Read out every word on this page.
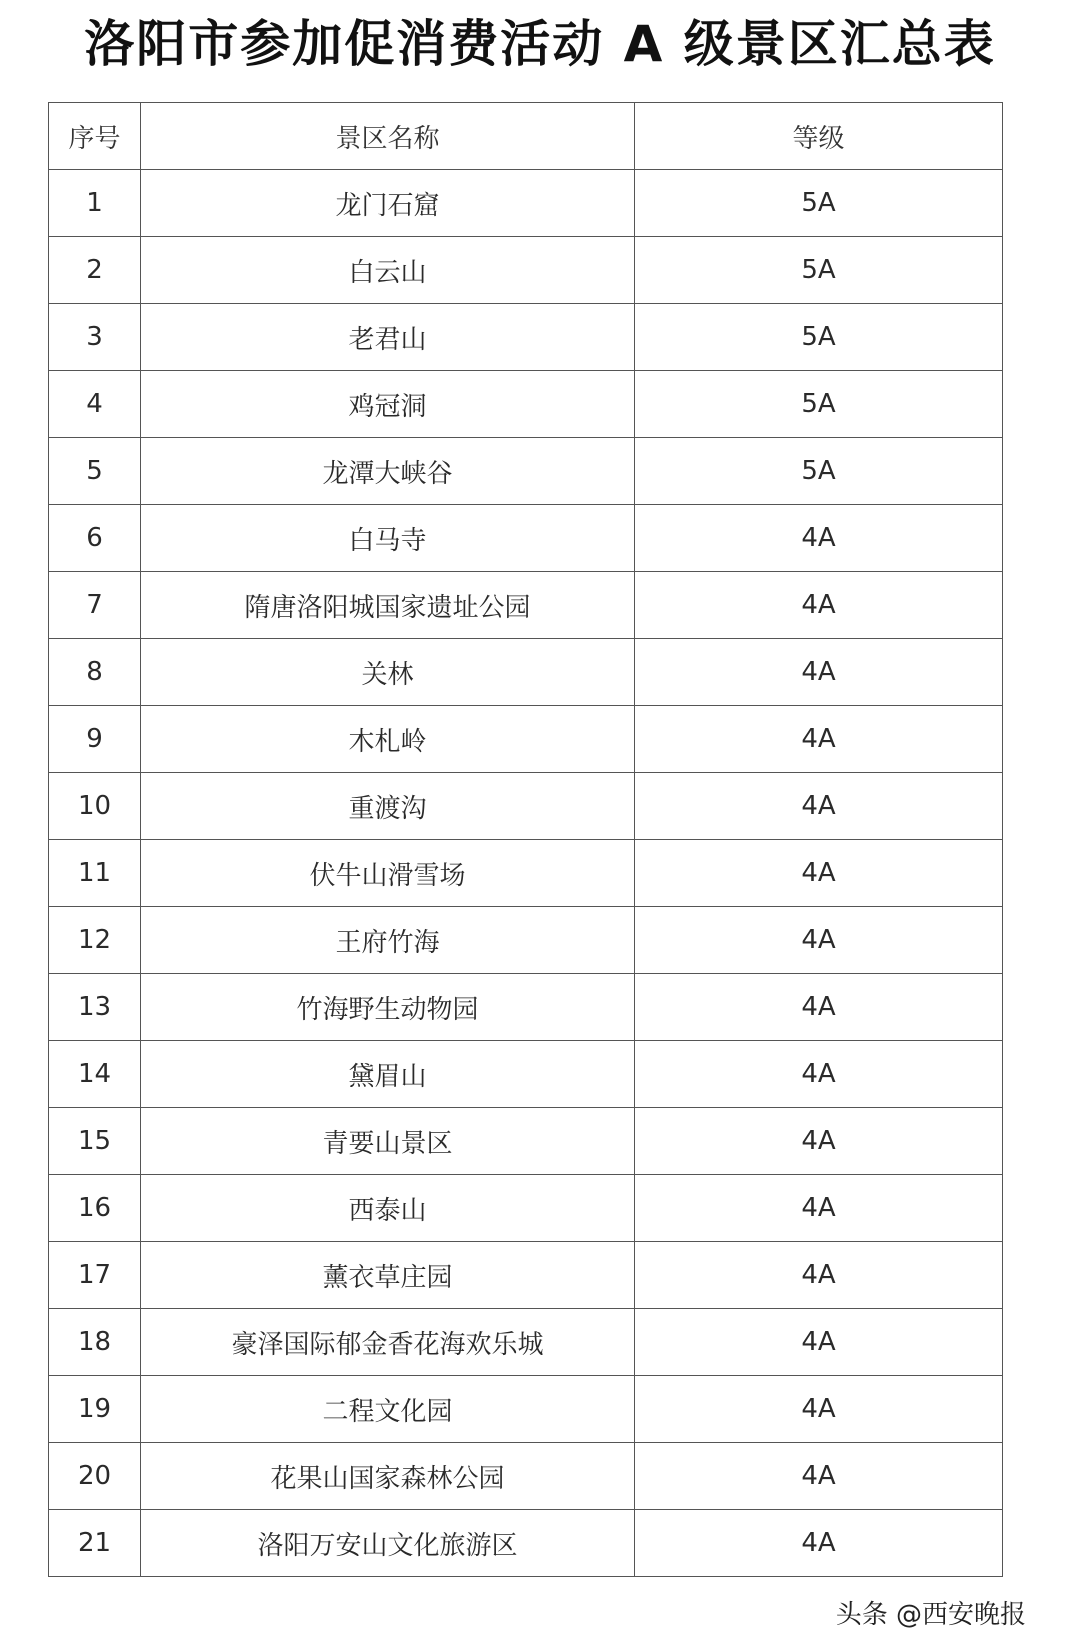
洛阳市参加促消费活动 A 级景区汇总表
序号	景区名称	等级
1	龙门石窟	5A
2	白云山	5A
3	老君山	5A
4	鸡冠洞	5A
5	龙潭大峡谷	5A
6	白马寺	4A
7	隋唐洛阳城国家遗址公园	4A
8	关林	4A
9	木札岭	4A
10	重渡沟	4A
11	伏牛山滑雪场	4A
12	王府竹海	4A
13	竹海野生动物园	4A
14	黛眉山	4A
15	青要山景区	4A
16	西泰山	4A
17	薰衣草庄园	4A
18	豪泽国际郁金香花海欢乐城	4A
19	二程文化园	4A
20	花果山国家森林公园	4A
21	洛阳万安山文化旅游区	4A
头条 @西安晚报
